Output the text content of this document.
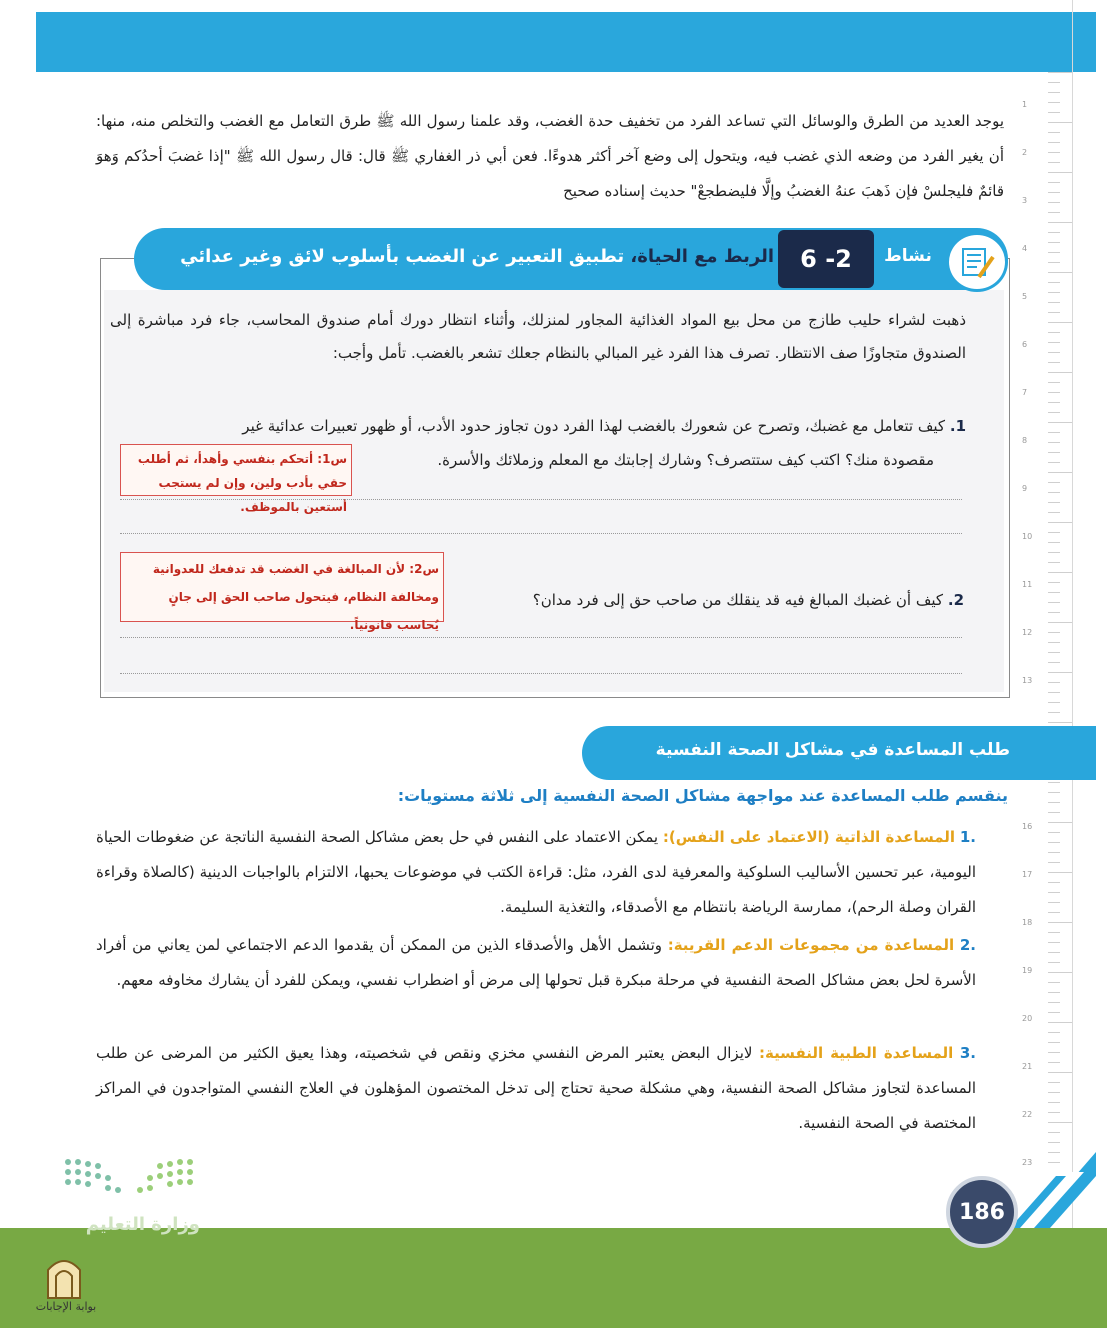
1
2
3
4
5
6
7
8
9
10
11
12
13
16
17
18
19
20
21
22
23
يوجد العديد من الطرق والوسائل التي تساعد الفرد من تخفيف حدة الغضب، وقد علمنا رسول الله ﷺ طرق التعامل مع الغضب والتخلص منه، منها: أن يغير الفرد من وضعه الذي غضب فيه، ويتحول إلى وضع آخر أكثر هدوءًا. فعن أبي ذر الغفاري ﷺ قال: قال رسول الله ﷺ "إذا غضبَ أحدُكم وَهوَ قائمٌ فليجلسْ فإن ذَهبَ عنهُ الغضبُ وإلَّا فليضطجعْ" حديث إسناده صحيح
نشاط
6 -2
الربط مع الحياة، تطبيق التعبير عن الغضب بأسلوب لائق وغير عدائي
ذهبت لشراء حليب طازج من محل بيع المواد الغذائية المجاور لمنزلك، وأثناء انتظار دورك أمام صندوق المحاسب، جاء فرد مباشرة إلى الصندوق متجاوزًا صف الانتظار. تصرف هذا الفرد غير المبالي بالنظام جعلك تشعر بالغضب. تأمل وأجب:
1. كيف تتعامل مع غضبك، وتصرح عن شعورك بالغضب لهذا الفرد دون تجاوز حدود الأدب، أو ظهور تعبيرات عدائية غير
مقصودة منك؟ اكتب كيف ستتصرف؟ وشارك إجابتك مع المعلم وزملائك والأسرة.
س1: أتحكم بنفسي وأهدأ، ثم أطلب حقي بأدب ولين، وإن لم يستجب أستعين بالموظف.
س2: لأن المبالغة في الغضب قد تدفعك للعدوانية ومخالفة النظام، فيتحول صاحب الحق إلى جانٍ يُحاسب قانونياً.
2. كيف أن غضبك المبالغ فيه قد ينقلك من صاحب حق إلى فرد مدان؟
طلب المساعدة في مشاكل الصحة النفسية
ينقسم طلب المساعدة عند مواجهة مشاكل الصحة النفسية إلى ثلاثة مستويات:
.1 المساعدة الذاتية (الاعتماد على النفس): يمكن الاعتماد على النفس في حل بعض مشاكل الصحة النفسية الناتجة عن ضغوطات الحياة اليومية، عبر تحسين الأساليب السلوكية والمعرفية لدى الفرد، مثل: قراءة الكتب في موضوعات يحبها، الالتزام بالواجبات الدينية (كالصلاة وقراءة القران وصلة الرحم)، ممارسة الرياضة بانتظام مع الأصدقاء، والتغذية السليمة.
.2 المساعدة من مجموعات الدعم القريبة: وتشمل الأهل والأصدقاء الذين من الممكن أن يقدموا الدعم الاجتماعي لمن يعاني من أفراد الأسرة لحل بعض مشاكل الصحة النفسية في مرحلة مبكرة قبل تحولها إلى مرض أو اضطراب نفسي، ويمكن للفرد أن يشارك مخاوفه معهم.
.3 المساعدة الطبية النفسية: لايزال البعض يعتبر المرض النفسي مخزي ونقص في شخصيته، وهذا يعيق الكثير من المرضى عن طلب المساعدة لتجاوز مشاكل الصحة النفسية، وهي مشكلة صحية تحتاج إلى تدخل المختصون المؤهلون في العلاج النفسي المتواجدون في المراكز المختصة في الصحة النفسية.
186
وزارة التعليم
بوابة الإجابات
